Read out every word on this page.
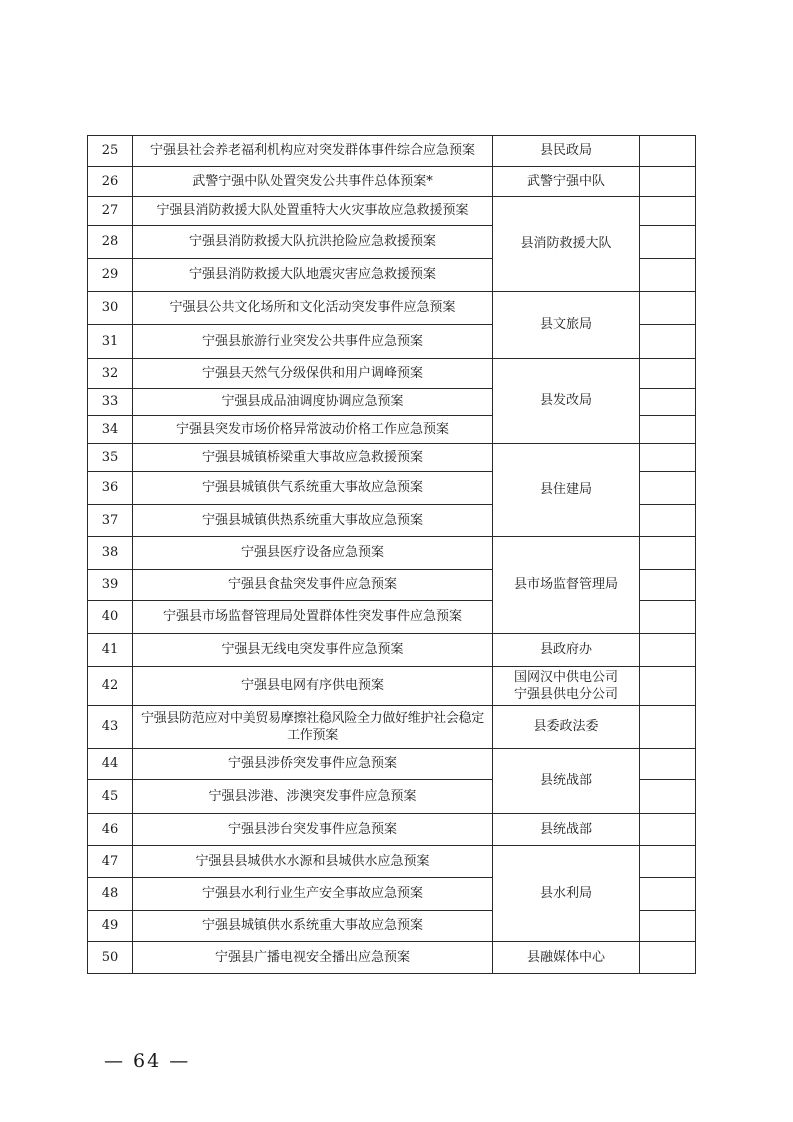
25	宁强县社会养老福利机构应对突发群体事件综合应急预案	县民政局	
26	武警宁强中队处置突发公共事件总体预案*	武警宁强中队	
27	宁强县消防救援大队处置重特大火灾事故应急救援预案	县消防救援大队	
28	宁强县消防救援大队抗洪抢险应急救援预案		
29	宁强县消防救援大队地震灾害应急救援预案		
30	宁强县公共文化场所和文化活动突发事件应急预案	县文旅局	
31	宁强县旅游行业突发公共事件应急预案		
32	宁强县天然气分级保供和用户调峰预案	县发改局	
33	宁强县成品油调度协调应急预案		
34	宁强县突发市场价格异常波动价格工作应急预案		
35	宁强县城镇桥梁重大事故应急救援预案	县住建局	
36	宁强县城镇供气系统重大事故应急预案		
37	宁强县城镇供热系统重大事故应急预案		
38	宁强县医疗设备应急预案	县市场监督管理局	
39	宁强县食盐突发事件应急预案		
40	宁强县市场监督管理局处置群体性突发事件应急预案		
41	宁强县无线电突发事件应急预案	县政府办	
42	宁强县电网有序供电预案	国网汉中供电公司
宁强县供电分公司	

43	宁强县防范应对中美贸易摩擦社稳风险全力做好维护社会稳定工作预案	县委政法委	
44	宁强县涉侨突发事件应急预案	县统战部	
45	宁强县涉港、涉澳突发事件应急预案		
46	宁强县涉台突发事件应急预案	县统战部	
47	宁强县县城供水水源和县城供水应急预案	县水利局	
48	宁强县水利行业生产安全事故应急预案		
49	宁强县城镇供水系统重大事故应急预案		
50	宁强县广播电视安全播出应急预案	县融媒体中心	
— 64 —
